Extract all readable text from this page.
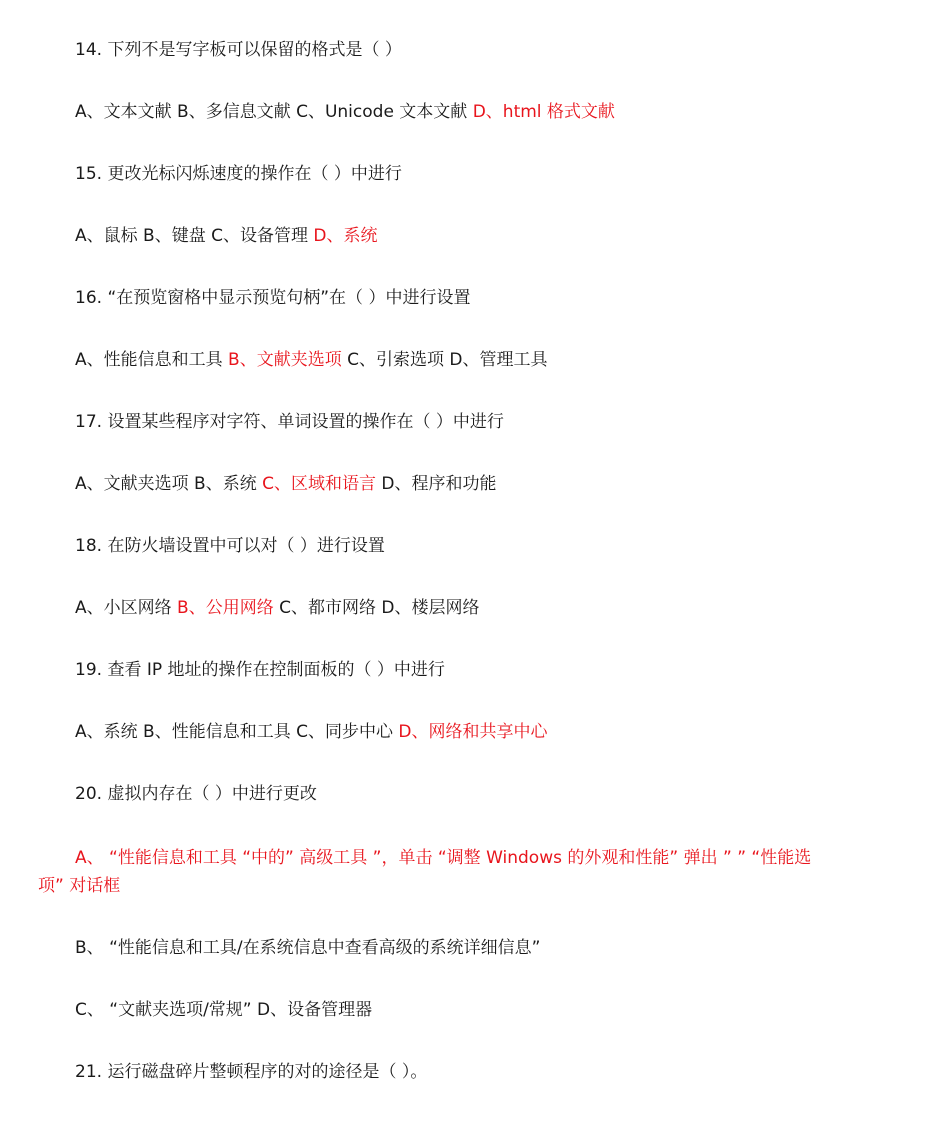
14. 下列不是写字板可以保留的格式是（ ）
A、文本文献 B、多信息文献 C、Unicode 文本文献 D、html 格式文献
15. 更改光标闪烁速度的操作在（ ）中进行
A、鼠标 B、键盘 C、设备管理 D、系统
16. “在预览窗格中显示预览句柄”在（ ）中进行设置
A、性能信息和工具 B、文献夹选项 C、引索选项 D、管理工具
17. 设置某些程序对字符、单词设置的操作在（ ）中进行
A、文献夹选项 B、系统 C、区域和语言 D、程序和功能
18. 在防火墙设置中可以对（ ）进行设置
A、小区网络 B、公用网络 C、都市网络 D、楼层网络
19. 查看 IP 地址的操作在控制面板的（ ）中进行
A、系统 B、性能信息和工具 C、同步中心 D、网络和共享中心
20. 虚拟内存在（ ）中进行更改
A、 “性能信息和工具 “中的” 高级工具 ”，单击 “调整 Windows 的外观和性能” 弹出 ” ” “性能选
项” 对话框
B、 “性能信息和工具/在系统信息中查看高级的系统详细信息”
C、 “文献夹选项/常规” D、设备管理器
21. 运行磁盘碎片整顿程序的对的途径是（ ）。
